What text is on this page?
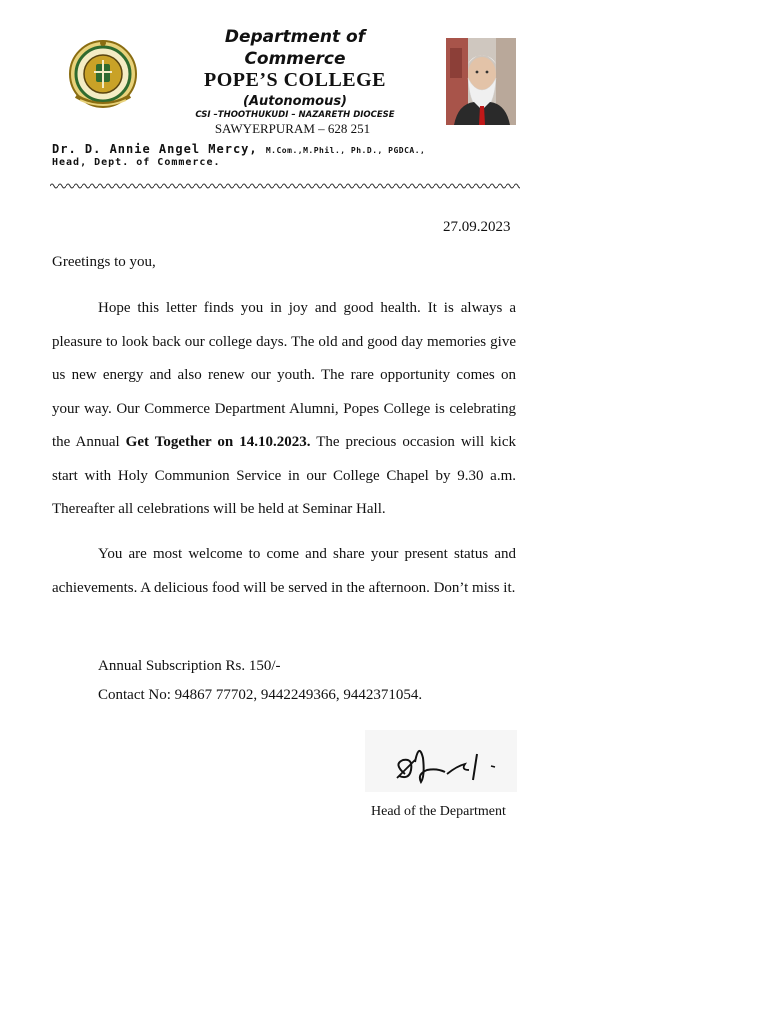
Department of Commerce
POPE’S COLLEGE
(Autonomous)
CSI –THOOTHUKUDI – NAZARETH DIOCESE
SAWYERPURAM – 628 251
Dr. D. Annie Angel Mercy, M.Com.,M.Phil., Ph.D., PGDCA.,
Head, Dept. of Commerce.
27.09.2023
Greetings to you,

Hope this letter finds you in joy and good health. It is always a pleasure to look back our college days. The old and good day memories give us new energy and also renew our youth. The rare opportunity comes on your way. Our Commerce Department Alumni, Popes College is celebrating the Annual Get Together on 14.10.2023. The precious occasion will kick start with Holy Communion Service in our College Chapel by 9.30 a.m. Thereafter all celebrations will be held at Seminar Hall.

You are most welcome to come and share your present status and achievements. A delicious food will be served in the afternoon. Don’t miss it.

Annual Subscription Rs. 150/-
Contact No: 94867 77702, 9442249366, 9442371054.
Head of the Department
